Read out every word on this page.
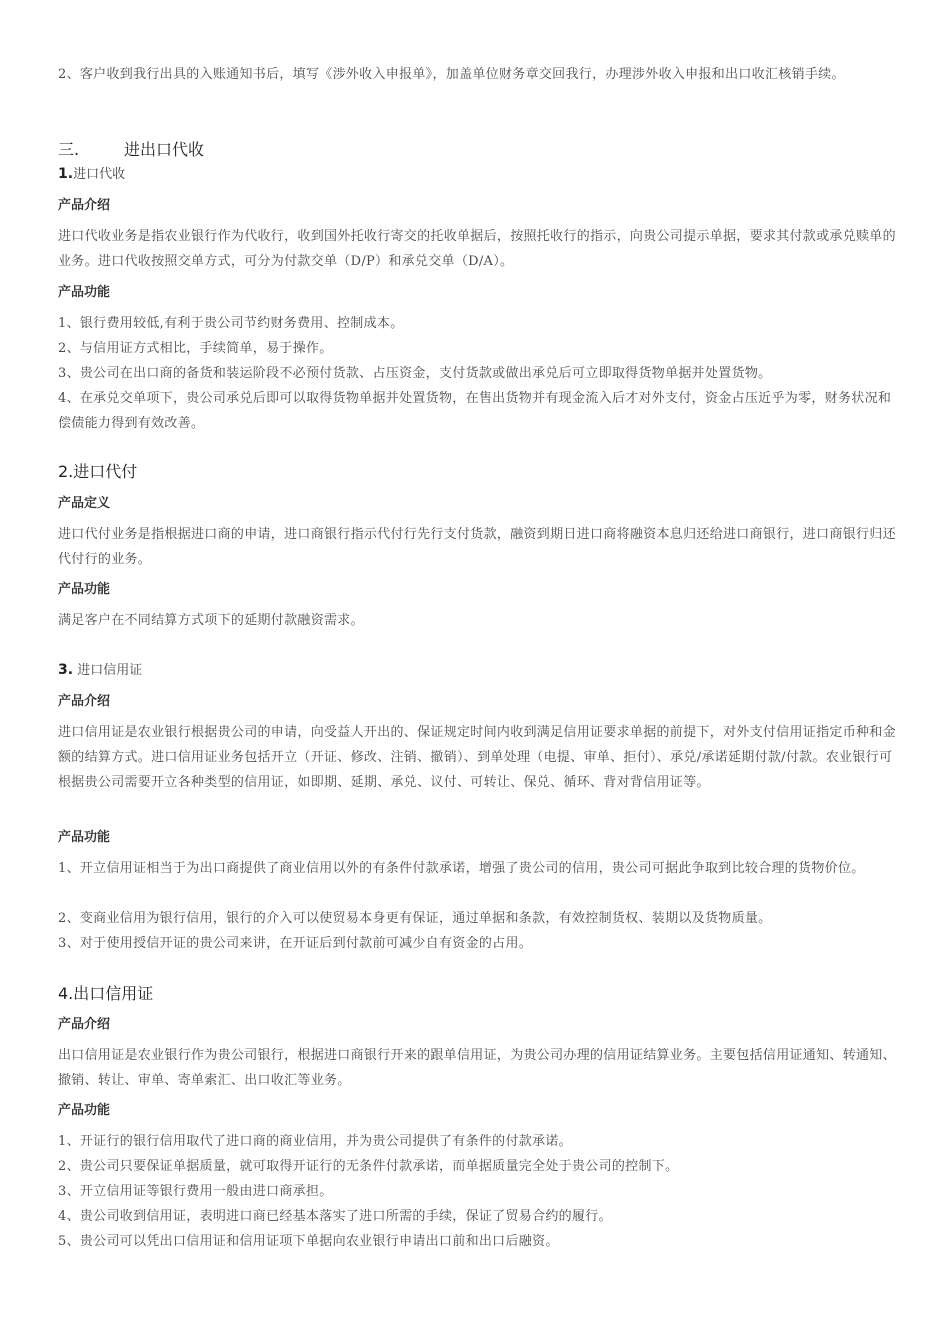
2、客户收到我行出具的入账通知书后，填写《涉外收入申报单》，加盖单位财务章交回我行，办理涉外收入申报和出口收汇核销手续。

三.	进出口代收
1.进口代收

产品介绍

进口代收业务是指农业银行作为代收行，收到国外托收行寄交的托收单据后，按照托收行的指示，向贵公司提示单据，要求其付款或承兑赎单的业务。进口代收按照交单方式，可分为付款交单（D/P）和承兑交单（D/A）。

产品功能

1、银行费用较低,有利于贵公司节约财务费用、控制成本。

2、与信用证方式相比，手续简单，易于操作。

3、贵公司在出口商的备货和装运阶段不必预付货款、占压资金，支付货款或做出承兑后可立即取得货物单据并处置货物。

4、在承兑交单项下，贵公司承兑后即可以取得货物单据并处置货物，在售出货物并有现金流入后才对外支付，资金占压近乎为零，财务状况和偿债能力得到有效改善。

2.进口代付

产品定义

进口代付业务是指根据进口商的申请，进口商银行指示代付行先行支付货款，融资到期日进口商将融资本息归还给进口商银行，进口商银行归还代付行的业务。

产品功能

满足客户在不同结算方式项下的延期付款融资需求。

3. 进口信用证

产品介绍

进口信用证是农业银行根据贵公司的申请，向受益人开出的、保证规定时间内收到满足信用证要求单据的前提下，对外支付信用证指定币种和金额的结算方式。进口信用证业务包括开立（开证、修改、注销、撤销）、到单处理（电提、审单、拒付）、承兑/承诺延期付款/付款。农业银行可根据贵公司需要开立各种类型的信用证，如即期、延期、承兑、议付、可转让、保兑、循环、背对背信用证等。

产品功能

1、开立信用证相当于为出口商提供了商业信用以外的有条件付款承诺，增强了贵公司的信用，贵公司可据此争取到比较合理的货物价位。

2、变商业信用为银行信用，银行的介入可以使贸易本身更有保证，通过单据和条款，有效控制货权、装期以及货物质量。

3、对于使用授信开证的贵公司来讲，在开证后到付款前可减少自有资金的占用。

4.出口信用证

产品介绍

出口信用证是农业银行作为贵公司银行，根据进口商银行开来的跟单信用证，为贵公司办理的信用证结算业务。主要包括信用证通知、转通知、撤销、转让、审单、寄单索汇、出口收汇等业务。

产品功能

1、开证行的银行信用取代了进口商的商业信用，并为贵公司提供了有条件的付款承诺。

2、贵公司只要保证单据质量，就可取得开证行的无条件付款承诺，而单据质量完全处于贵公司的控制下。

3、开立信用证等银行费用一般由进口商承担。

4、贵公司收到信用证，表明进口商已经基本落实了进口所需的手续，保证了贸易合约的履行。

5、贵公司可以凭出口信用证和信用证项下单据向农业银行申请出口前和出口后融资。
